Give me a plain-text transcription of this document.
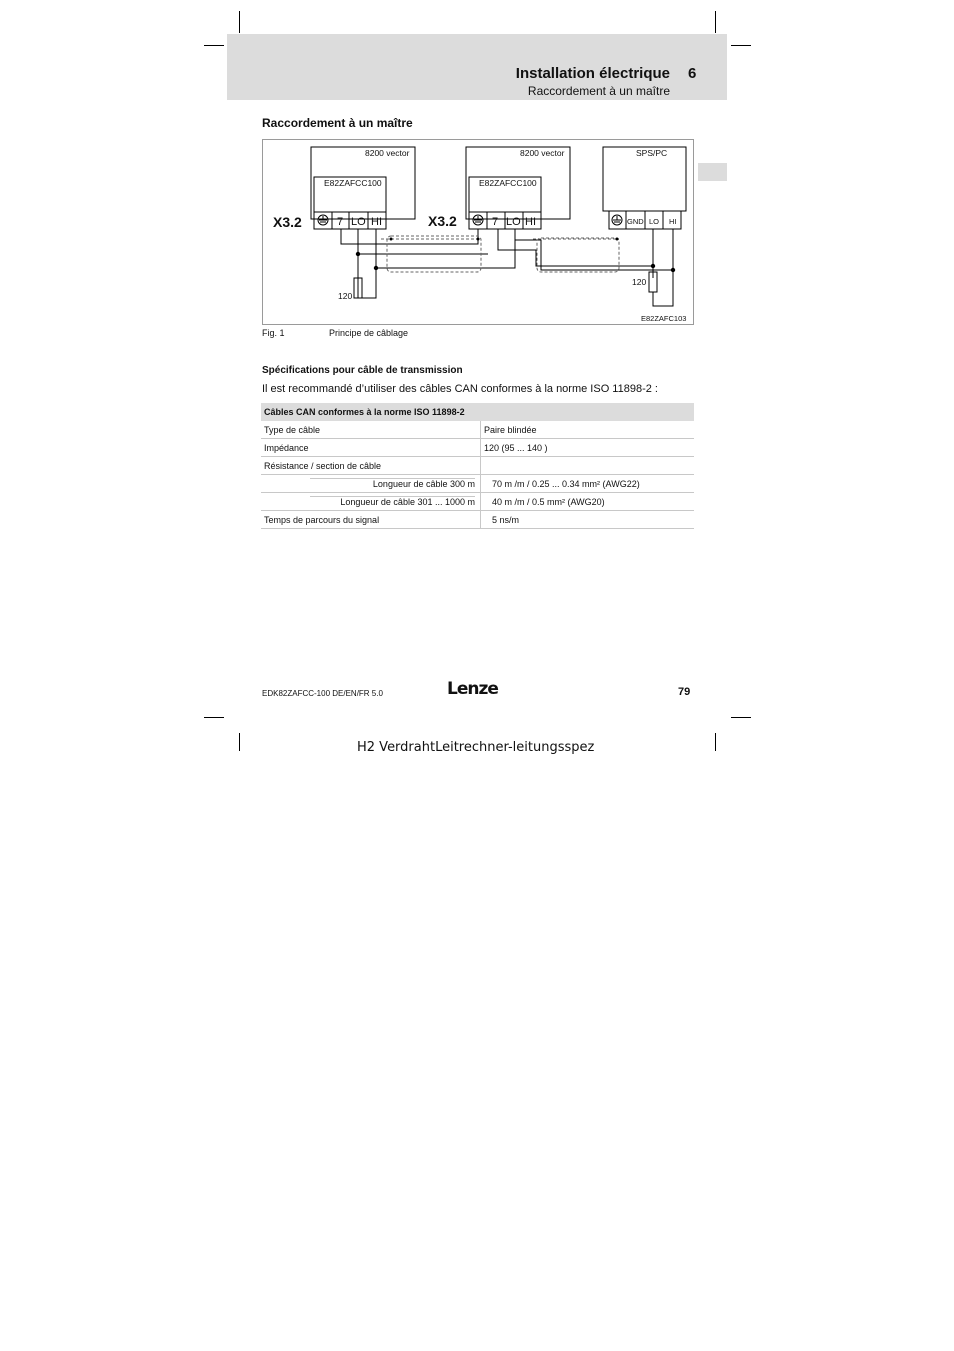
Installation électrique 6
Raccordement à un maître
Raccordement à un maître
8200 vector
E82ZAFCC100
8200 vector
E82ZAFCC100
SPS/PC
120
120
7 LO HI	7 LO HI	GND LO HI
E82ZAFC103
X3.2	X3.2
Fig. 1	Principe de câblage
Spécifications pour câble de transmission
Il est recommandé d’utiliser des câbles CAN conformes à la norme ISO 11898-2 :
Câbles CAN conformes à la norme ISO 11898-2	
Type de câble	Paire blindée
Impédance	120 (95 ... 140 )
Résistance / section de câble	
Longueur de câble 300 m	70 m /m / 0.25 ... 0.34 mm² (AWG22)
Longueur de câble 301 ... 1000 m	40 m /m / 0.5 mm² (AWG20)
Temps de parcours du signal	5 ns/m
EDK82ZAFCC-100 DE/EN/FR 5.0	Lenze	79
H2 VerdrahtLeitrechner-leitungsspez
